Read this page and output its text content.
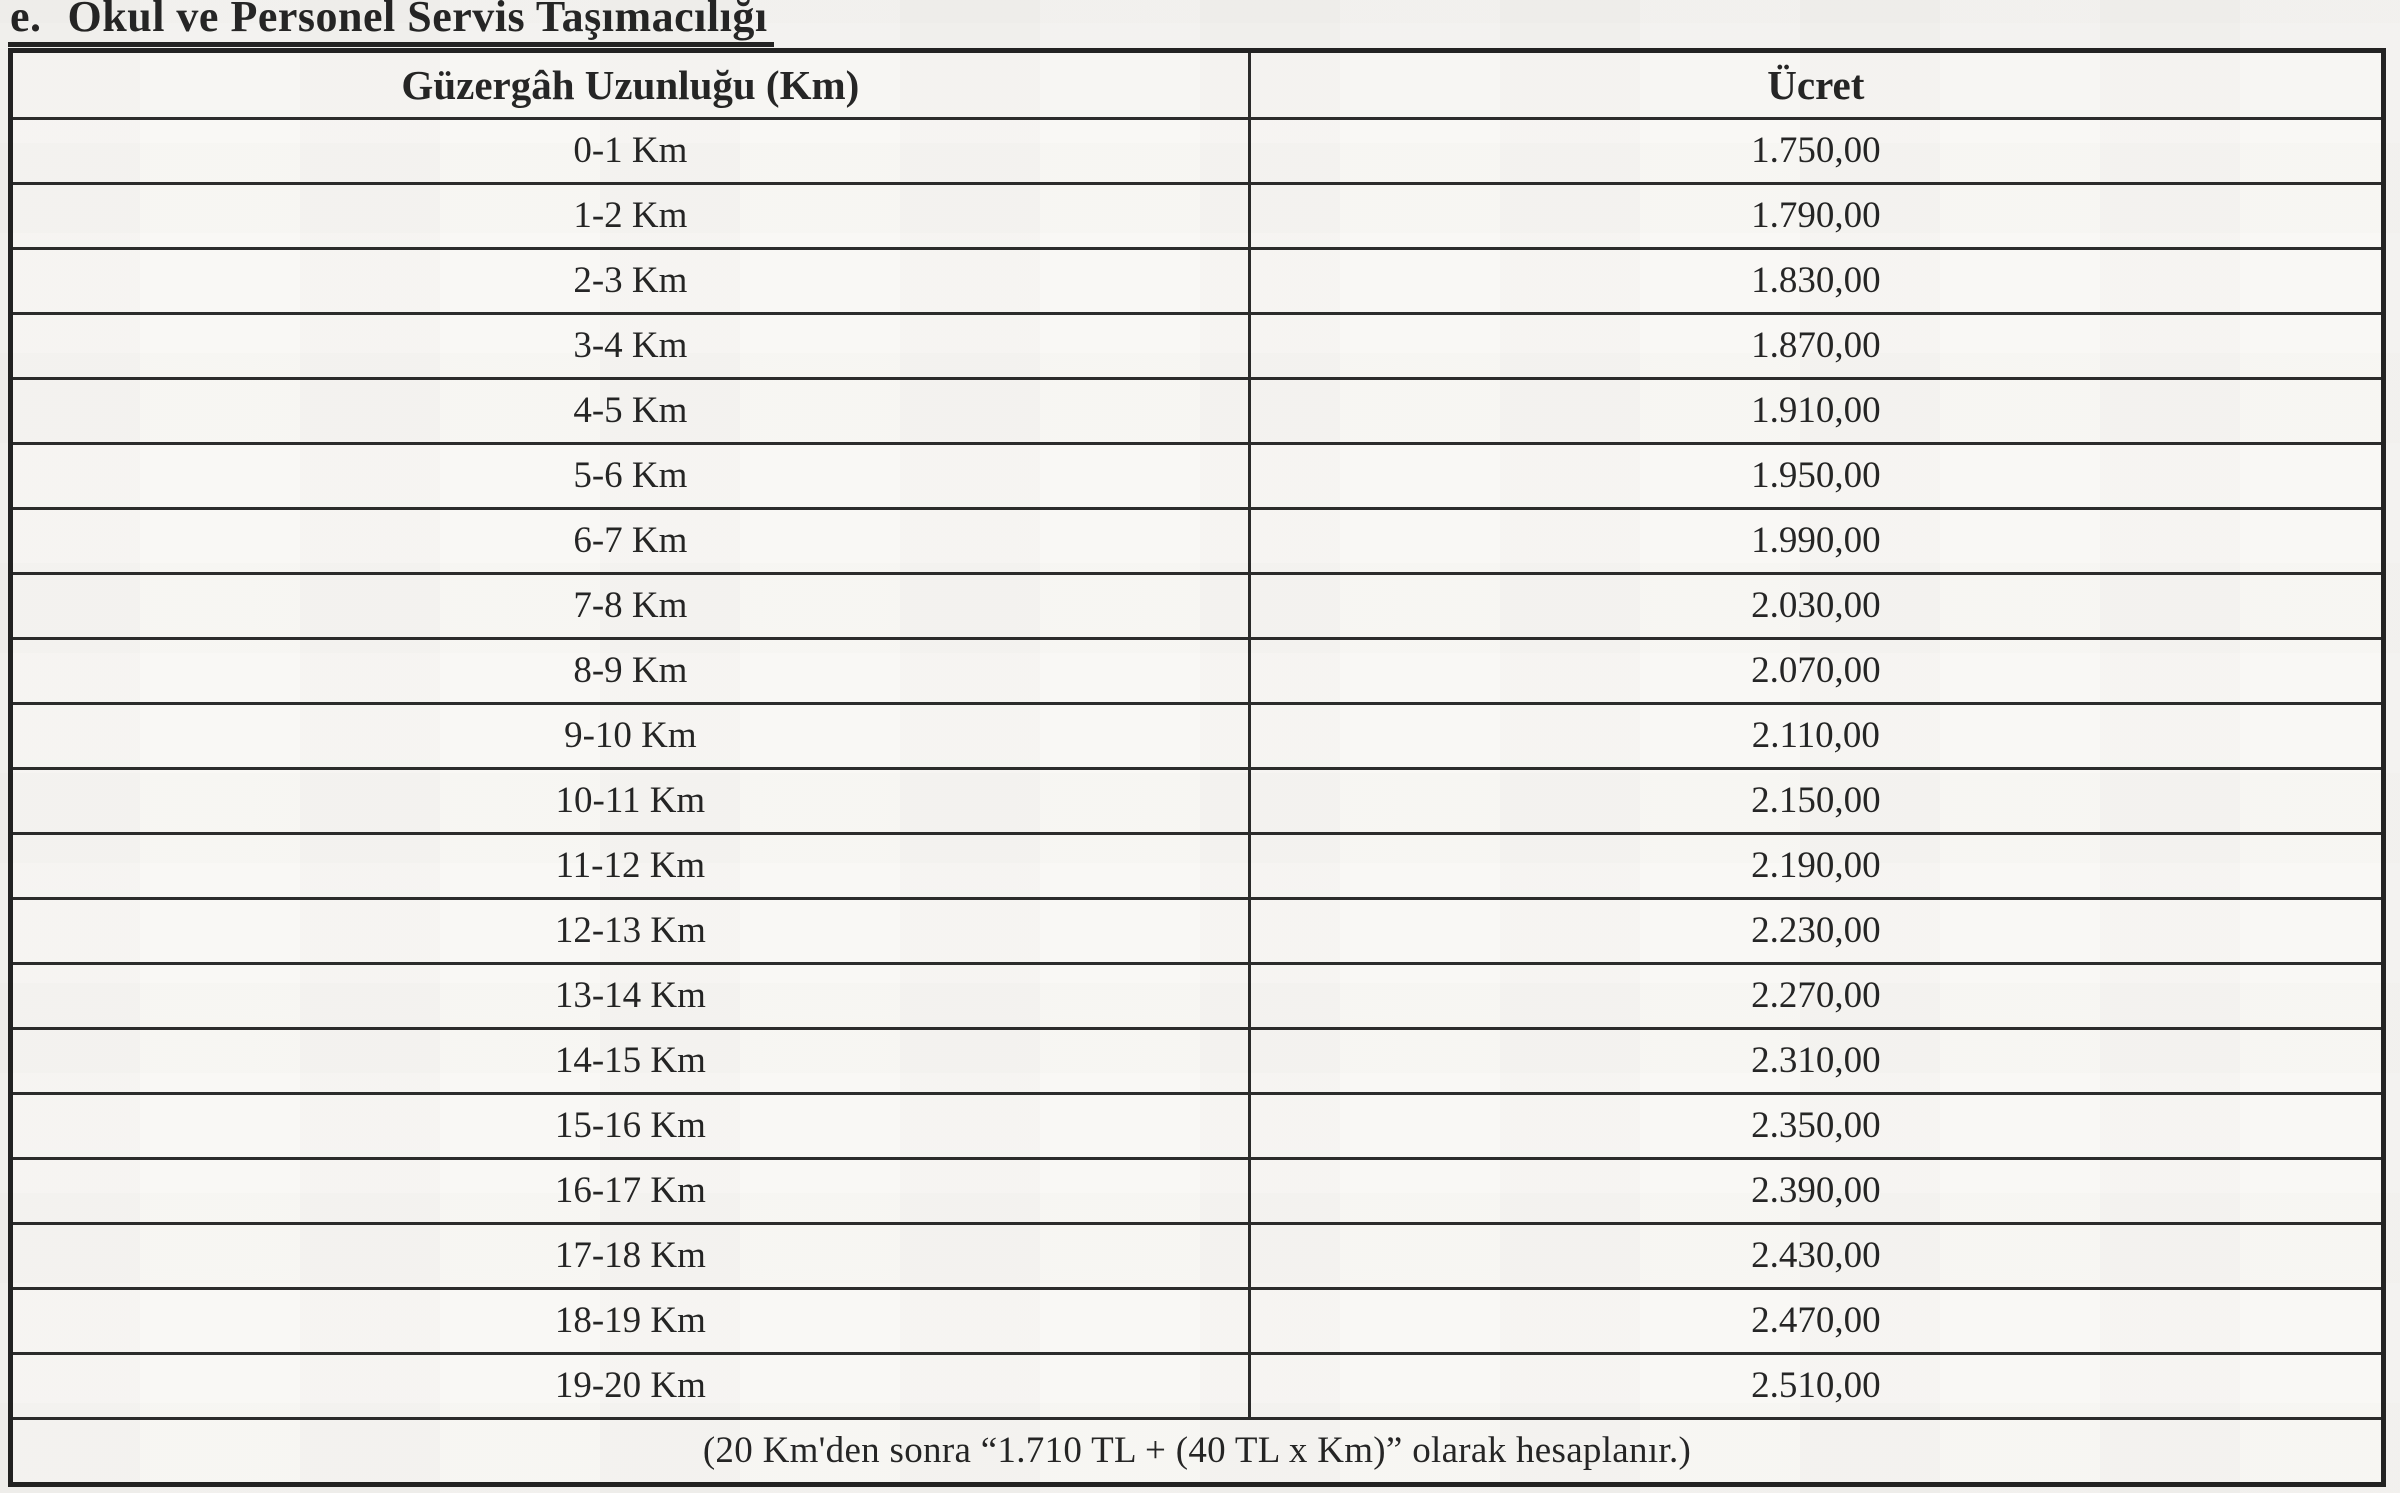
e. Okul ve Personel Servis Taşımacılığı
Güzergâh Uzunluğu (Km)	Ücret
0-1 Km	1.750,00
1-2 Km	1.790,00
2-3 Km	1.830,00
3-4 Km	1.870,00
4-5 Km	1.910,00
5-6 Km	1.950,00
6-7 Km	1.990,00
7-8 Km	2.030,00
8-9 Km	2.070,00
9-10 Km	2.110,00
10-11 Km	2.150,00
11-12 Km	2.190,00
12-13 Km	2.230,00
13-14 Km	2.270,00
14-15 Km	2.310,00
15-16 Km	2.350,00
16-17 Km	2.390,00
17-18 Km	2.430,00
18-19 Km	2.470,00
19-20 Km	2.510,00
(20 Km'den sonra “1.710 TL + (40 TL x Km)” olarak hesaplanır.)	
